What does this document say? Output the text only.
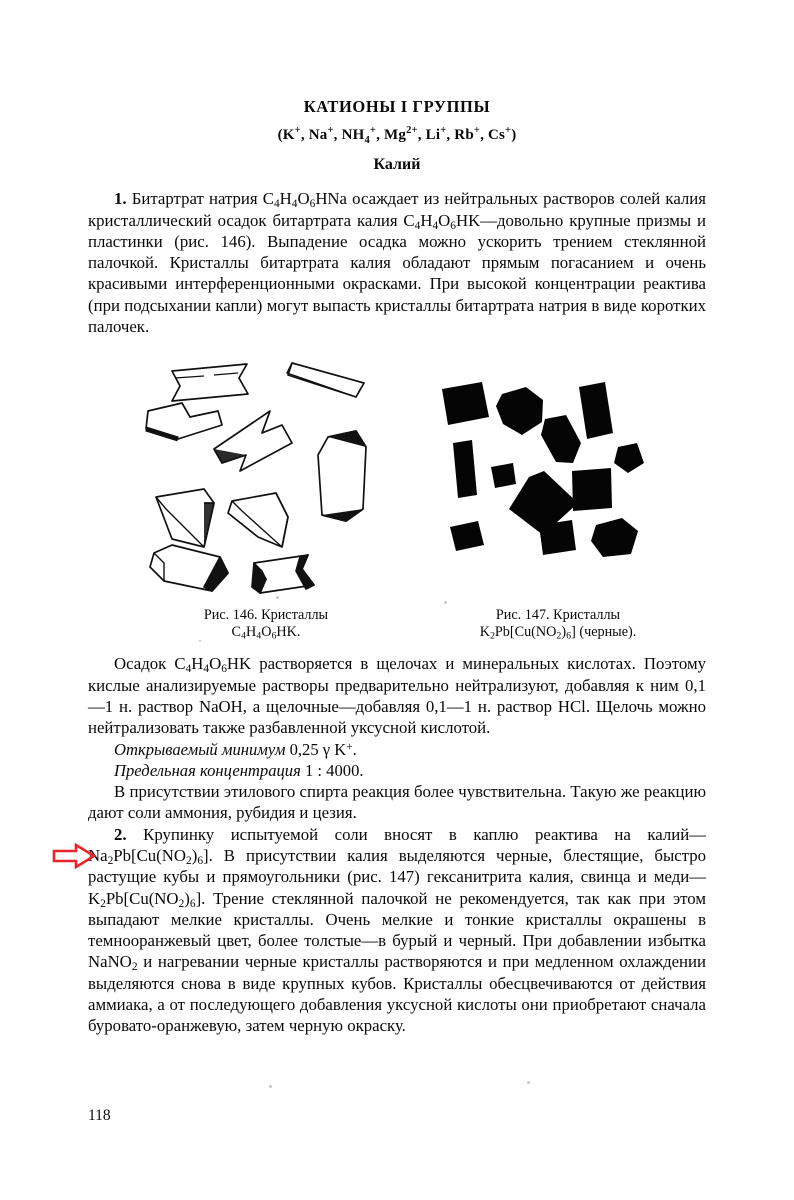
КАТИОНЫ I ГРУППЫ
(K+, Na+, $NH_4^+$, $Mg^{2+}$, Li+, Rb+, Cs+)
Калий

1. Битартрат натрия $C_4H_4O_6HNa$ осаждает из нейтральных растворов солей калия кристаллический осадок битартрата калия $C_4H_4O_6HK—довольно$ крупные призмы и пластинки (рис. 146). Выпадение осадка можно ускорить трением стеклянной палочкой. Кристаллы битартрата калия обладают прямым погасанием и очень красивыми интерференционными окрасками. При высокой концентрации реактива (при подсыхании капли) могут выпасть кристаллы битартрата натрия в виде коротких палочек.

Рис. 146. Кристаллы
$C_4H_4O_6HK$.
Рис. 147. Кристаллы
$K_2Pb[Cu(NO_2)_6]$ (черные).

Осадок $C_4H_4O_6HK$ растворяется в щелочах и минеральных кислотах. Поэтому кислые анализируемые растворы предварительно нейтрализуют, добавляя к ним 0,1—1 н. раствор NaOH, а щелочные—добавляя 0,1—1 н. раствор HCl. Щелочь можно нейтрализовать также разбавленной уксусной кислотой.

Открываемый минимум 0,25 γ K+.

Предельная концентрация 1 : 4000.

В присутствии этилового спирта реакция более чувствительна. Такую же реакцию дают соли аммония, рубидия и цезия.

2. Крупинку испытуемой соли вносят в каплю реактива на $калий—Na_2Pb[Cu(NO_2)_6]$. В присутствии калия выделяются черные, блестящие, быстро растущие кубы и прямоугольники (рис. 147) гексанитрита калия, свинца и $меди—K_2Pb[Cu(NO_2)_6]$. Трение стеклянной палочкой не рекомендуется, так как при этом выпадают мелкие кристаллы. Очень мелкие и тонкие кристаллы окрашены в темнооранжевый цвет, более толстые—в бурый и черный. При добавлении избытка NaNO$_2$ и нагревании черные кристаллы растворяются и при медленном охлаждении выделяются снова в виде крупных кубов. Кристаллы обесцвечиваются от действия аммиака, а от последующего добавления уксусной кислоты они приобретают сначала буровато-оранжевую, затем черную окраску.

118
